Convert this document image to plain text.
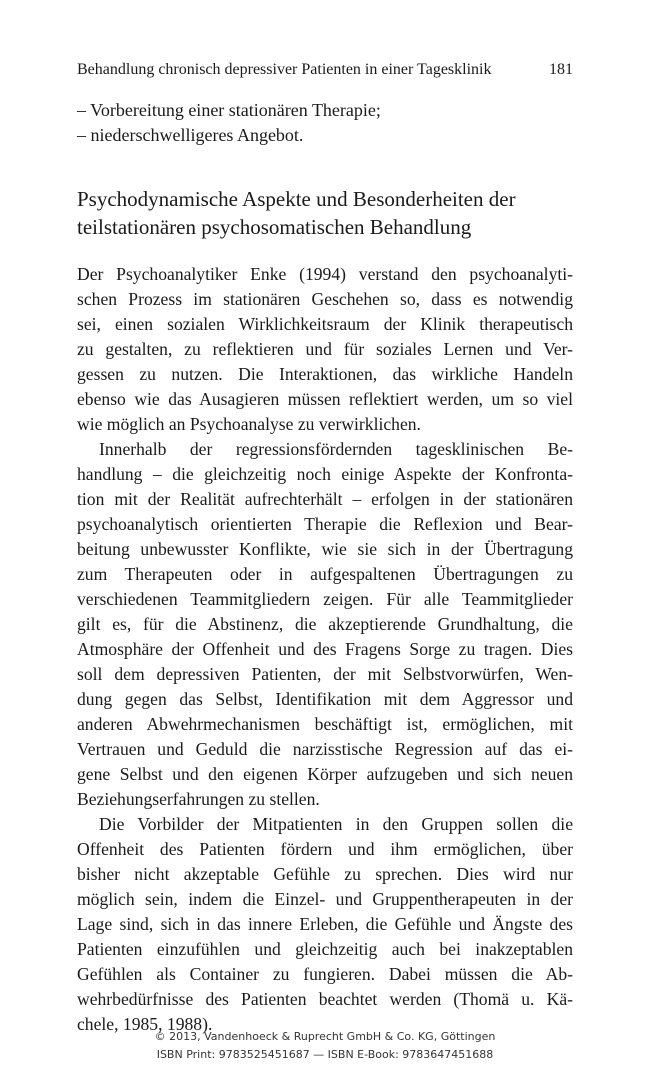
Behandlung chronisch depressiver Patienten in einer Tagesklinik	181
– Vorbereitung einer stationären Therapie;
– niederschwelligeres Angebot.
Psychodynamische Aspekte und Besonderheiten der
teilstationären psychosomatischen Behandlung
Der Psychoanalytiker Enke (1994) verstand den psychoanalyti-
schen Prozess im stationären Geschehen so, dass es notwendig
sei, einen sozialen Wirklichkeitsraum der Klinik therapeutisch
zu gestalten, zu reflektieren und für soziales Lernen und Ver-
gessen zu nutzen. Die Interaktionen, das wirkliche Handeln
ebenso wie das Ausagieren müssen reflektiert werden, um so viel
wie möglich an Psychoanalyse zu verwirklichen.
Innerhalb der regressionsfördernden tagesklinischen Be-
handlung – die gleichzeitig noch einige Aspekte der Konfronta-
tion mit der Realität aufrechterhält – erfolgen in der stationären
psychoanalytisch orientierten Therapie die Reflexion und Bear-
beitung unbewusster Konflikte, wie sie sich in der Übertragung
zum Therapeuten oder in aufgespaltenen Übertragungen zu
verschiedenen Teammitgliedern zeigen. Für alle Teammitglieder
gilt es, für die Abstinenz, die akzeptierende Grundhaltung, die
Atmosphäre der Offenheit und des Fragens Sorge zu tragen. Dies
soll dem depressiven Patienten, der mit Selbstvorwürfen, Wen-
dung gegen das Selbst, Identifikation mit dem Aggressor und
anderen Abwehrmechanismen beschäftigt ist, ermöglichen, mit
Vertrauen und Geduld die narzisstische Regression auf das ei-
gene Selbst und den eigenen Körper aufzugeben und sich neuen
Beziehungserfahrungen zu stellen.
Die Vorbilder der Mitpatienten in den Gruppen sollen die
Offenheit des Patienten fördern und ihm ermöglichen, über
bisher nicht akzeptable Gefühle zu sprechen. Dies wird nur
möglich sein, indem die Einzel- und Gruppentherapeuten in der
Lage sind, sich in das innere Erleben, die Gefühle und Ängste des
Patienten einzufühlen und gleichzeitig auch bei inakzeptablen
Gefühlen als Container zu fungieren. Dabei müssen die Ab-
wehrbedürfnisse des Patienten beachtet werden (Thomä u. Kä-
chele, 1985, 1988).
© 2013, Vandenhoeck & Ruprecht GmbH & Co. KG, Göttingen
ISBN Print: 9783525451687 — ISBN E-Book: 9783647451688
